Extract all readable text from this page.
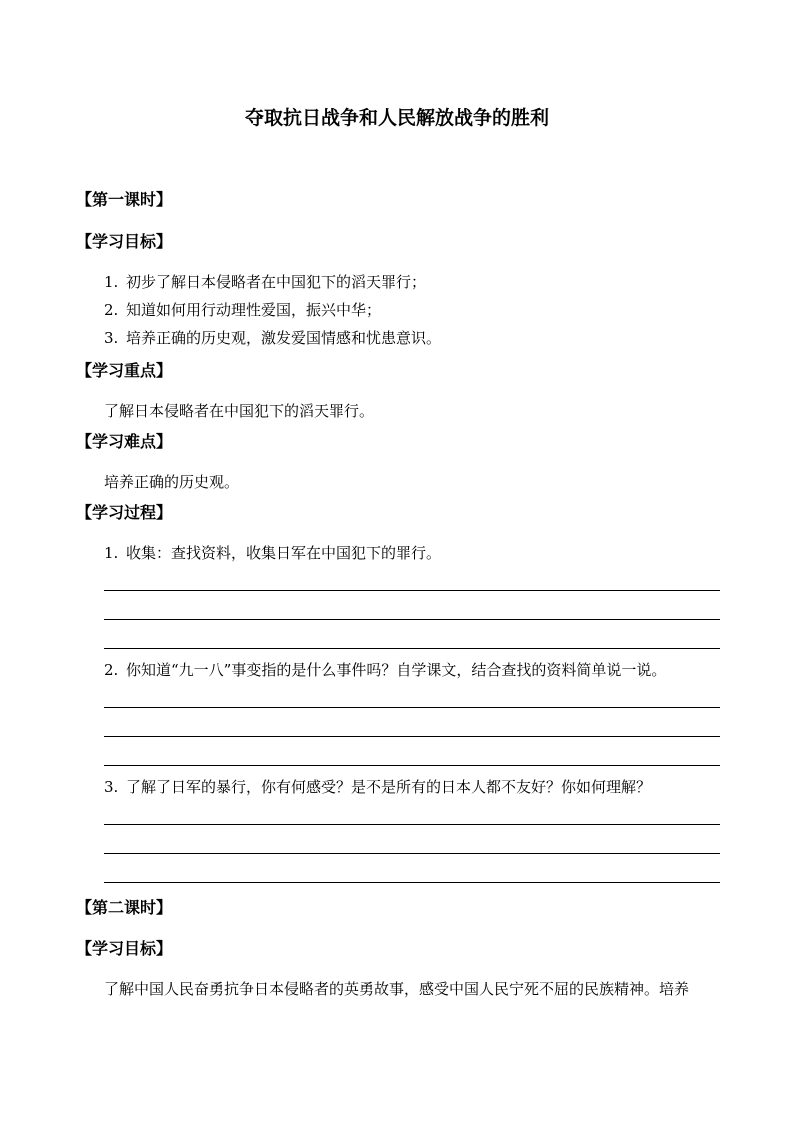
夺取抗日战争和人民解放战争的胜利
【第一课时】
【学习目标】
1. 初步了解日本侵略者在中国犯下的滔天罪行；
2. 知道如何用行动理性爱国，振兴中华；
3. 培养正确的历史观，激发爱国情感和忧患意识。
【学习重点】
了解日本侵略者在中国犯下的滔天罪行。
【学习难点】
培养正确的历史观。
【学习过程】
1. 收集：查找资料，收集日军在中国犯下的罪行。
2. 你知道“九一八”事变指的是什么事件吗？自学课文，结合查找的资料简单说一说。
3. 了解了日军的暴行，你有何感受？是不是所有的日本人都不友好？你如何理解？
【第二课时】
【学习目标】
了解中国人民奋勇抗争日本侵略者的英勇故事，感受中国人民宁死不屈的民族精神。培养
